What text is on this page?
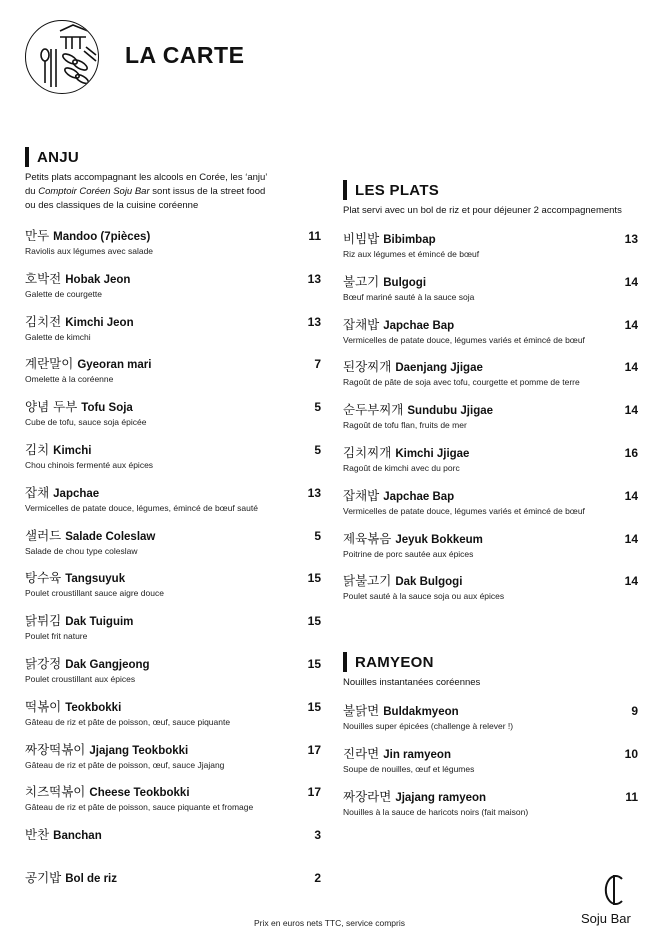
LA CARTE
ANJU
Petits plats accompagnant les alcools en Corée, les ‘anju’
du Comptoir Coréen Soju Bar sont issus de la street food
ou des classiques de la cuisine coréenne
만두 Mandoo (7pièces)
Raviolis aux légumes avec salade
11
호박전 Hobak Jeon
Galette de courgette
13
김치전 Kimchi Jeon
Galette de kimchi
13
계란말이 Gyeoran mari
Omelette à la coréenne
7
양념 두부 Tofu Soja
Cube de tofu, sauce soja épicée
5
김치 Kimchi
Chou chinois fermenté aux épices
5
잡채 Japchae
Vermicelles de patate douce, légumes, émincé de bœuf sauté
13
샐러드 Salade Coleslaw
Salade de chou type coleslaw
5
탕수육 Tangsuyuk
Poulet croustillant sauce aigre douce
15
닭튀김 Dak Tuiguim
Poulet frit nature
15
닭강정 Dak Gangjeong
Poulet croustillant aux épices
15
떡볶이 Teokbokki
Gâteau de riz et pâte de poisson, œuf, sauce piquante
15
짜장떡볶이 Jjajang Teokbokki
Gâteau de riz et pâte de poisson, œuf, sauce Jjajang
17
치즈떡볶이 Cheese Teokbokki
Gâteau de riz et pâte de poisson, sauce piquante et fromage
17
반찬 Banchan	3
공기밥 Bol de riz	2
LES PLATS
Plat servi avec un bol de riz et pour déjeuner 2 accompagnements
비빔밥 Bibimbap
Riz aux légumes et émincé de bœuf
13
불고기 Bulgogi
Bœuf mariné sauté à la sauce soja
14
잡채밥 Japchae Bap
Vermicelles de patate douce, légumes variés et émincé de bœuf
14
된장찌개 Daenjang Jjigae
Ragoût de pâte de soja avec tofu, courgette et pomme de terre
14
순두부찌개 Sundubu Jjigae
Ragoût de tofu flan, fruits de mer
14
김치찌개 Kimchi Jjigae
Ragoût de kimchi avec du porc
16
잡채밥 Japchae Bap
Vermicelles de patate douce, légumes variés et émincé de bœuf
14
제육볶음 Jeyuk Bokkeum
Poitrine de porc sautée aux épices
14
닭불고기 Dak Bulgogi
Poulet sauté à la sauce soja ou aux épices
14
RAMYEON
Nouilles instantanées coréennes
불닭면 Buldakmyeon
Nouilles super épicées (challenge à relever !)
9
진라면 Jin ramyeon
Soupe de nouilles, œuf et légumes
10
짜장라면 Jjajang ramyeon
Nouilles à la sauce de haricots noirs (fait maison)
11
Prix en euros nets TTC, service compris	Soju Bar
